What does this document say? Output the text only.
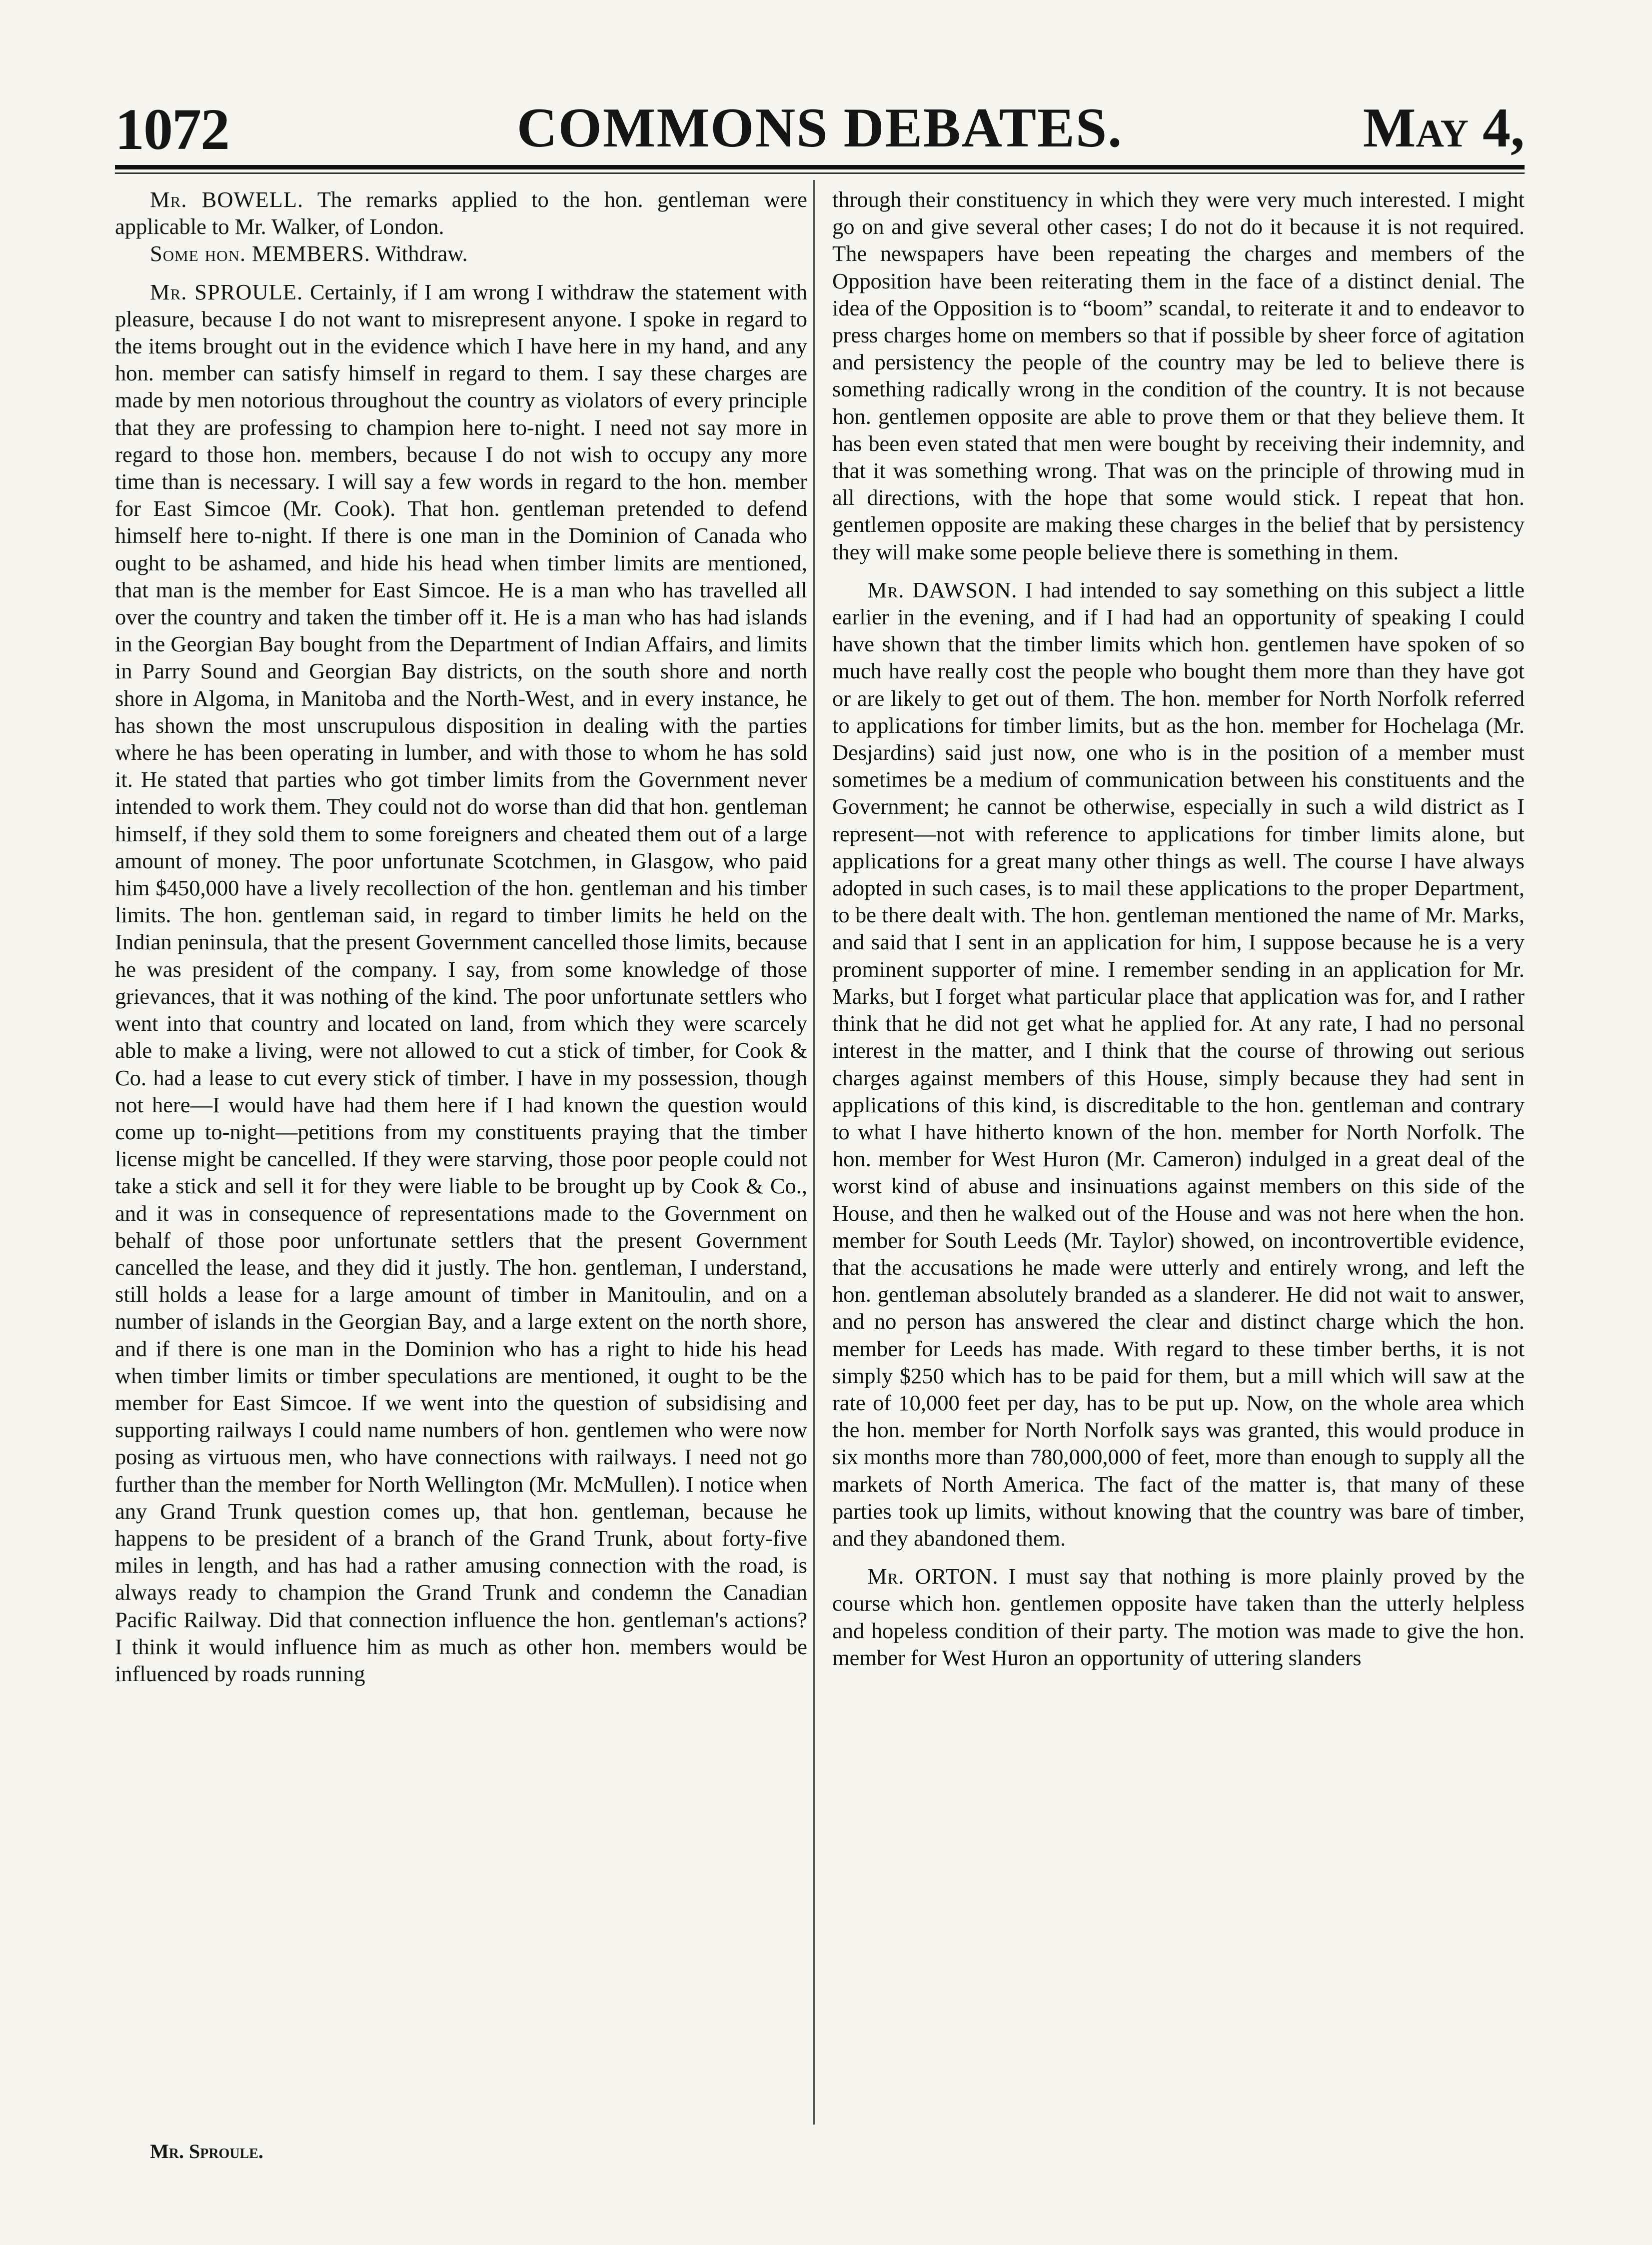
1072	COMMONS DEBATES.	May 4,

Mr. BOWELL. The remarks applied to the hon. gentleman were applicable to Mr. Walker, of London.

Some hon. MEMBERS. Withdraw.

Mr. SPROULE. Certainly, if I am wrong I withdraw the statement with pleasure, because I do not want to misrepresent anyone. I spoke in regard to the items brought out in the evidence which I have here in my hand, and any hon. member can satisfy himself in regard to them. I say these charges are made by men notorious throughout the country as violators of every principle that they are professing to champion here to-night. I need not say more in regard to those hon. members, because I do not wish to occupy any more time than is necessary. I will say a few words in regard to the hon. member for East Simcoe (Mr. Cook). That hon. gentleman pretended to defend himself here to-night. If there is one man in the Dominion of Canada who ought to be ashamed, and hide his head when timber limits are mentioned, that man is the member for East Simcoe. He is a man who has travelled all over the country and taken the timber off it. He is a man who has had islands in the Georgian Bay bought from the Department of Indian Affairs, and limits in Parry Sound and Georgian Bay districts, on the south shore and north shore in Algoma, in Manitoba and the North-West, and in every instance, he has shown the most unscrupulous disposition in dealing with the parties where he has been operating in lumber, and with those to whom he has sold it. He stated that parties who got timber limits from the Government never intended to work them. They could not do worse than did that hon. gentleman himself, if they sold them to some foreigners and cheated them out of a large amount of money. The poor unfortunate Scotchmen, in Glasgow, who paid him $450,000 have a lively recollection of the hon. gentleman and his timber limits. The hon. gentleman said, in regard to timber limits he held on the Indian peninsula, that the present Government cancelled those limits, because he was president of the company. I say, from some knowledge of those grievances, that it was nothing of the kind. The poor unfortunate settlers who went into that country and located on land, from which they were scarcely able to make a living, were not allowed to cut a stick of timber, for Cook & Co. had a lease to cut every stick of timber. I have in my possession, though not here—I would have had them here if I had known the question would come up to-night—petitions from my constituents praying that the timber license might be cancelled. If they were starving, those poor people could not take a stick and sell it for they were liable to be brought up by Cook & Co., and it was in consequence of representations made to the Government on behalf of those poor unfortunate settlers that the present Government cancelled the lease, and they did it justly. The hon. gentleman, I understand, still holds a lease for a large amount of timber in Manitoulin, and on a number of islands in the Georgian Bay, and a large extent on the north shore, and if there is one man in the Dominion who has a right to hide his head when timber limits or timber speculations are mentioned, it ought to be the member for East Simcoe. If we went into the question of subsidising and supporting railways I could name numbers of hon. gentlemen who were now posing as virtuous men, who have connections with railways. I need not go further than the member for North Wellington (Mr. McMullen). I notice when any Grand Trunk question comes up, that hon. gentleman, because he happens to be president of a branch of the Grand Trunk, about forty-five miles in length, and has had a rather amusing connection with the road, is always ready to champion the Grand Trunk and condemn the Canadian Pacific Railway. Did that connection influence the hon. gentleman's actions? I think it would influence him as much as other hon. members would be influenced by roads running

through their constituency in which they were very much interested. I might go on and give several other cases; I do not do it because it is not required. The newspapers have been repeating the charges and members of the Opposition have been reiterating them in the face of a distinct denial. The idea of the Opposition is to “boom” scandal, to reiterate it and to endeavor to press charges home on members so that if possible by sheer force of agitation and persistency the people of the country may be led to believe there is something radically wrong in the condition of the country. It is not because hon. gentlemen opposite are able to prove them or that they believe them. It has been even stated that men were bought by receiving their indemnity, and that it was something wrong. That was on the principle of throwing mud in all directions, with the hope that some would stick. I repeat that hon. gentlemen opposite are making these charges in the belief that by persistency they will make some people believe there is something in them.

Mr. DAWSON. I had intended to say something on this subject a little earlier in the evening, and if I had had an opportunity of speaking I could have shown that the timber limits which hon. gentlemen have spoken of so much have really cost the people who bought them more than they have got or are likely to get out of them. The hon. member for North Norfolk referred to applications for timber limits, but as the hon. member for Hochelaga (Mr. Desjardins) said just now, one who is in the position of a member must sometimes be a medium of communication between his constituents and the Government; he cannot be otherwise, especially in such a wild district as I represent—not with reference to applications for timber limits alone, but applications for a great many other things as well. The course I have always adopted in such cases, is to mail these applications to the proper Department, to be there dealt with. The hon. gentleman mentioned the name of Mr. Marks, and said that I sent in an application for him, I suppose because he is a very prominent supporter of mine. I remember sending in an application for Mr. Marks, but I forget what particular place that application was for, and I rather think that he did not get what he applied for. At any rate, I had no personal interest in the matter, and I think that the course of throwing out serious charges against members of this House, simply because they had sent in applications of this kind, is discreditable to the hon. gentleman and contrary to what I have hitherto known of the hon. member for North Norfolk. The hon. member for West Huron (Mr. Cameron) indulged in a great deal of the worst kind of abuse and insinuations against members on this side of the House, and then he walked out of the House and was not here when the hon. member for South Leeds (Mr. Taylor) showed, on incontrovertible evidence, that the accusations he made were utterly and entirely wrong, and left the hon. gentleman absolutely branded as a slanderer. He did not wait to answer, and no person has answered the clear and distinct charge which the hon. member for Leeds has made. With regard to these timber berths, it is not simply $250 which has to be paid for them, but a mill which will saw at the rate of 10,000 feet per day, has to be put up. Now, on the whole area which the hon. member for North Norfolk says was granted, this would produce in six months more than 780,000,000 of feet, more than enough to supply all the markets of North America. The fact of the matter is, that many of these parties took up limits, without knowing that the country was bare of timber, and they abandoned them.

Mr. ORTON. I must say that nothing is more plainly proved by the course which hon. gentlemen opposite have taken than the utterly helpless and hopeless condition of their party. The motion was made to give the hon. member for West Huron an opportunity of uttering slanders

Mr. Sproule.
